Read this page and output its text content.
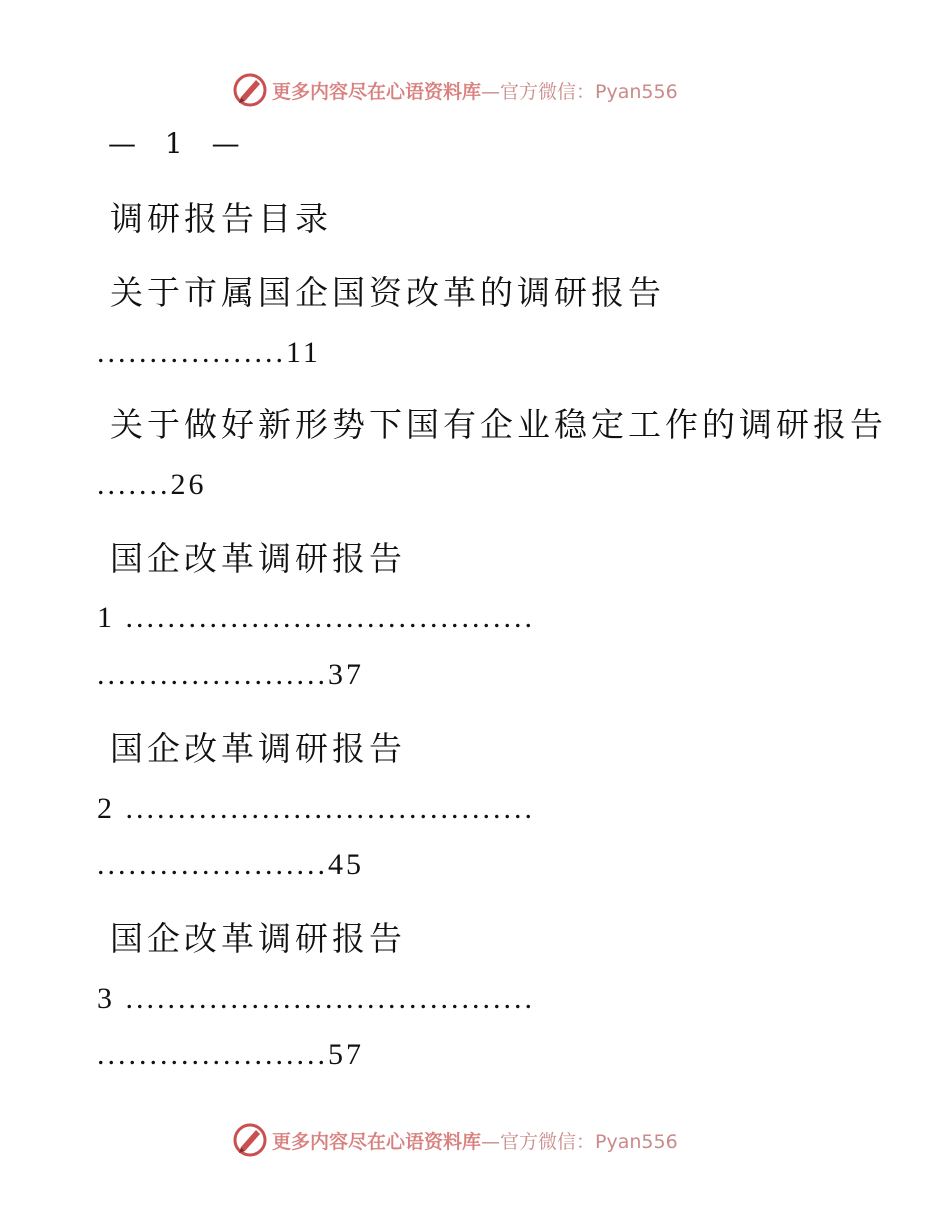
更多内容尽在心语资料库 —官方微信：Pyan556
— 1 —
调研报告目录
关于市属国企国资改革的调研报告
..................11
关于做好新形势下国有企业稳定工作的调研报告
.......26
国企改革调研报告
1 .......................................
......................37
国企改革调研报告
2 .......................................
......................45
国企改革调研报告
3 .......................................
......................57
更多内容尽在心语资料库 —官方微信：Pyan556
